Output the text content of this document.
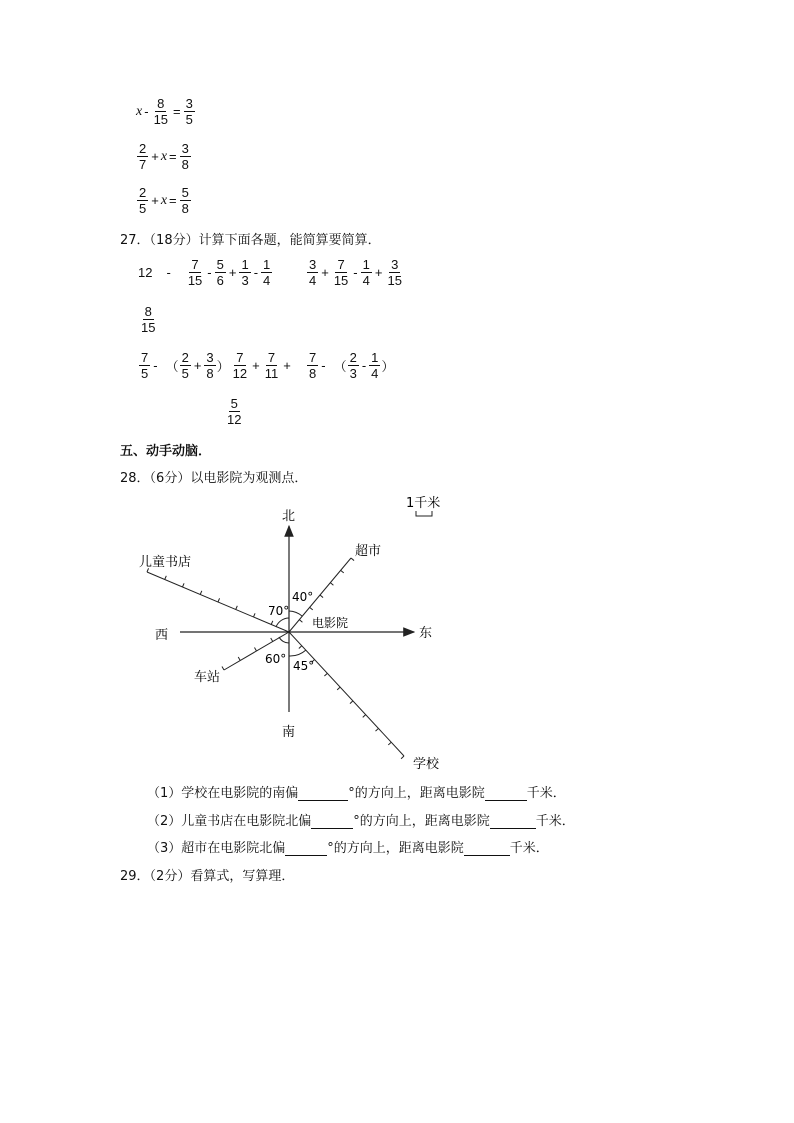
$x - \frac{8}{15} = \frac{3}{5}$
$\frac{2}{7} + x = \frac{3}{8}$
$\frac{2}{5} + x = \frac{5}{8}$
27．（18分）计算下面各题，能简算要简算．
$12 - \frac{7}{15} - \frac{5}{6} + \frac{1}{3} - \frac{1}{4}$	$\frac{3}{4} + \frac{7}{15} - \frac{1}{4} + \frac{3}{15}$
$\frac{8}{15}$
$\frac{7}{5}$ - （ $\frac{2}{5} + \frac{3}{8}$ ） $\frac{7}{12} + \frac{7}{11} + \frac{7}{8}$ - （ $\frac{2}{3} - \frac{1}{4}$ ）
$\frac{5}{12}$
五、动手动脑．
28．（6分）以电影院为观测点．
1千米
北
南
东
西
电影院
40°
70°
60° 45°
超市
儿童书店
车站
学校
（1）学校在电影院的南偏	°的方向上，距离电影院	千米．
（2）儿童书店在电影院北偏	°的方向上，距离电影院	千米．
（3）超市在电影院北偏	°的方向上，距离电影院	千米．
29．（2分）看算式，写算理．
